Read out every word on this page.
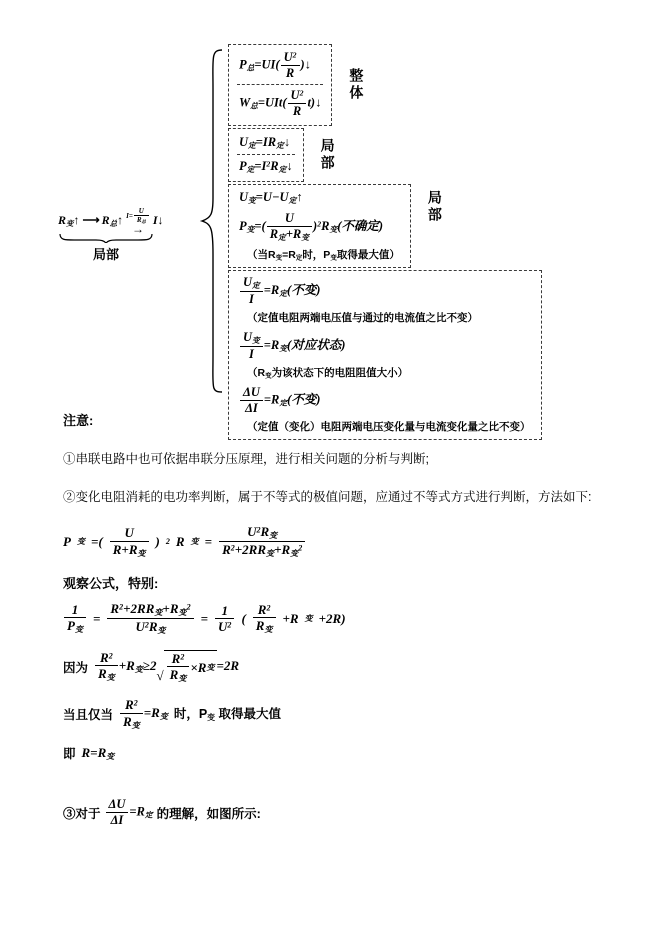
$R_变↑$ ⟶ $R_总↑$ $I= \frac{U}{R_总}$
→
I↓
局部
$P_总=UI( \frac{U^2}{R}$ )↓
$W_总=UIt( \frac{U^2}{R}$ t)↓
整体
$U_定=IR_定↓$
$P_定=I^2R_定↓$ 局部
$U_变=U-U_定↑$
$P_变=( \frac{U}{R_定+R_变} )^2R_变$(不确定)
（当$R_变=R_定$时，$P_变$取得最大值）
局部
$\frac{U_定}{I} =R_定$(不变)
（定值电阻两端电压值与通过的电流值之比不变）
$\frac{U_变}{I} =R_变$(对应状态)
（$R_变$为该状态下的电阻阻值大小）
$\frac{\Delta U}{\Delta I} =R_定$(不变)
（定值（变化）电阻两端电压变化量与电流变化量之比不变）

注意:

①串联电路中也可依据串联分压原理，进行相关问题的分析与判断;

②变化电阻消耗的电功率判断，属于不等式的极值问题，应通过不等式方式进行判断，方法如下:

P 变 =( $\frac{U}{R+R_变}$ ) 2 R 变 = $\frac{U^2R_变}{R^2+2RR_变+R_变^2}$

观察公式，特别:

$\frac{1}{P_变} = \frac{R^2+2RR_变+R_变^2}{U^2R_变} = \frac{1}{U^2}$ ( $\frac{R^2}{R_变} +R$ 变 +2R)
因为 $\frac{R^2}{R_变} +R_变\ge 2$
√ $\frac{R^2}{R_变} \times R$ 变 =2R
当且仅当 $\frac{R^2}{R_变} =R_变$ 时，$P_变$ 取得最大值
即 $R=R_变$
③对于 $\frac{\Delta U}{\Delta I} =R_定$ 的理解，如图所示:
